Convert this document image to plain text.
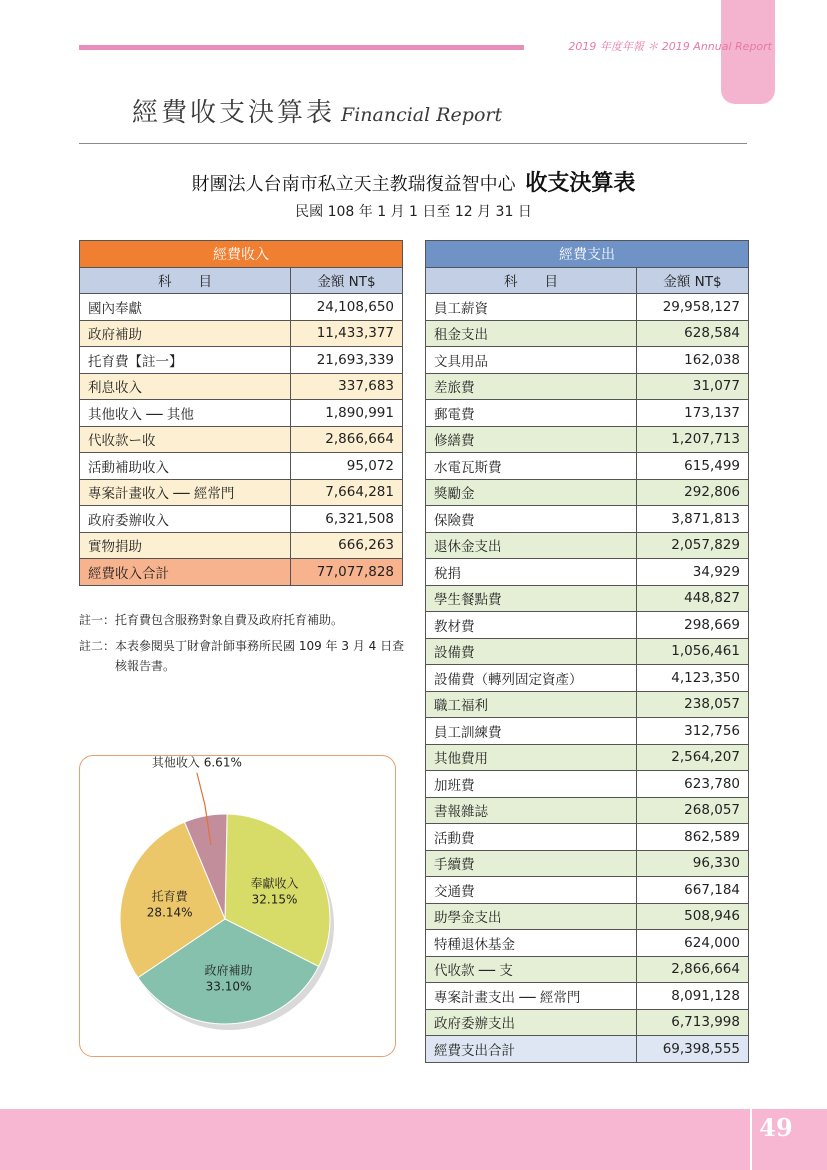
2019 年度年報 ＊ 2019 Annual Report
經費收支決算表 Financial Report
財團法人台南市私立天主教瑞復益智中心 收支決算表
民國 108 年 1 月 1 日至 12 月 31 日
經費收入	
科　　目	金額 NT$
國內奉獻	24,108,650
政府補助	11,433,377
托育費【註一】	21,693,339
利息收入	337,683
其他收入 ── 其他	1,890,991
代收款ー收	2,866,664
活動補助收入	95,072
專案計畫收入 ── 經常門	7,664,281
政府委辦收入	6,321,508
實物捐助	666,263
經費收入合計	77,077,828
經費支出	
科　　目	金額 NT$
員工薪資	29,958,127
租金支出	628,584
文具用品	162,038
差旅費	31,077
郵電費	173,137
修繕費	1,207,713
水電瓦斯費	615,499
獎勵金	292,806
保險費	3,871,813
退休金支出	2,057,829
稅捐	34,929
學生餐點費	448,827
教材費	298,669
設備費	1,056,461
設備費（轉列固定資產）	4,123,350
職工福利	238,057
員工訓練費	312,756
其他費用	2,564,207
加班費	623,780
書報雜誌	268,057
活動費	862,589
手續費	96,330
交通費	667,184
助學金支出	508,946
特種退休基金	624,000
代收款 ── 支	2,866,664
專案計畫支出 ── 經常門	8,091,128
政府委辦支出	6,713,998
經費支出合計	69,398,555
註一： 托育費包含服務對象自費及政府托育補助。
註二： 本表參閱吳丁財會計師事務所民國 109 年 3 月 4 日查核報告書。
奉獻收入
32.15%
政府補助
33.10%
托育費
28.14%
其他收入 6.61%
49
